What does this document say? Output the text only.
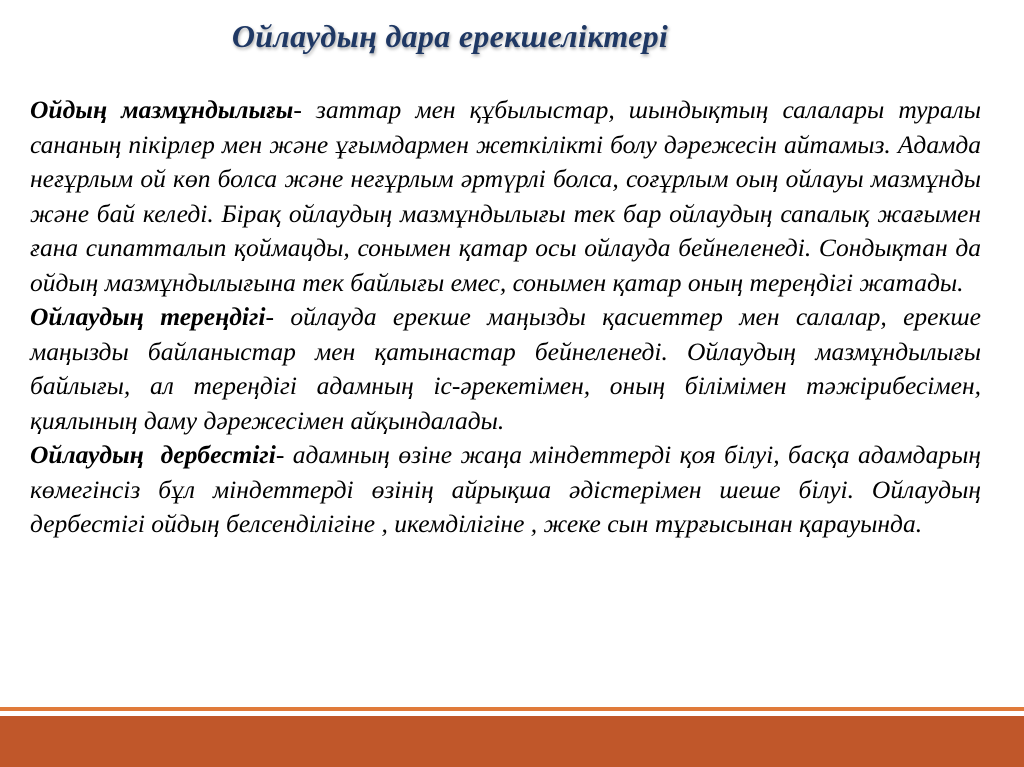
Ойлаудың дара ерекшеліктері

Ойдың мазмұндылығы- заттар мен құбылыстар, шындықтың салалары туралы сананың пікірлер мен және ұғымдармен жеткілікті болу дәрежесін айтамыз. Адамда неғұрлым ой көп болса және неғұрлым әртүрлі болса, соғұрлым оың ойлауы мазмұнды және бай келеді. Бірақ ойлаудың мазмұндылығы тек бар ойлаудың сапалық жағымен ғана сипатталып қоймацды, сонымен қатар осы ойлауда бейнеленеді. Сондықтан да ойдың мазмұндылығына тек байлығы емес, сонымен қатар оның тереңдігі жатады.

Ойлаудың тереңдігі- ойлауда ерекше маңызды қасиеттер мен салалар, ерекше маңызды байланыстар мен қатынастар бейнеленеді. Ойлаудың мазмұндылығы байлығы, ал тереңдігі адамның іс-әрекетімен, оның білімімен тәжірибесімен, қиялының даму дәрежесімен айқындалады.

Ойлаудың  дербестігі- адамның өзіне жаңа міндеттерді қоя білуі, басқа адамдарың көмегінсіз бұл міндеттерді өзінің айрықша әдістерімен шеше білуі. Ойлаудың дербестігі ойдың белсенділігіне , икемділігіне , жеке сын тұрғысынан қарауында.
